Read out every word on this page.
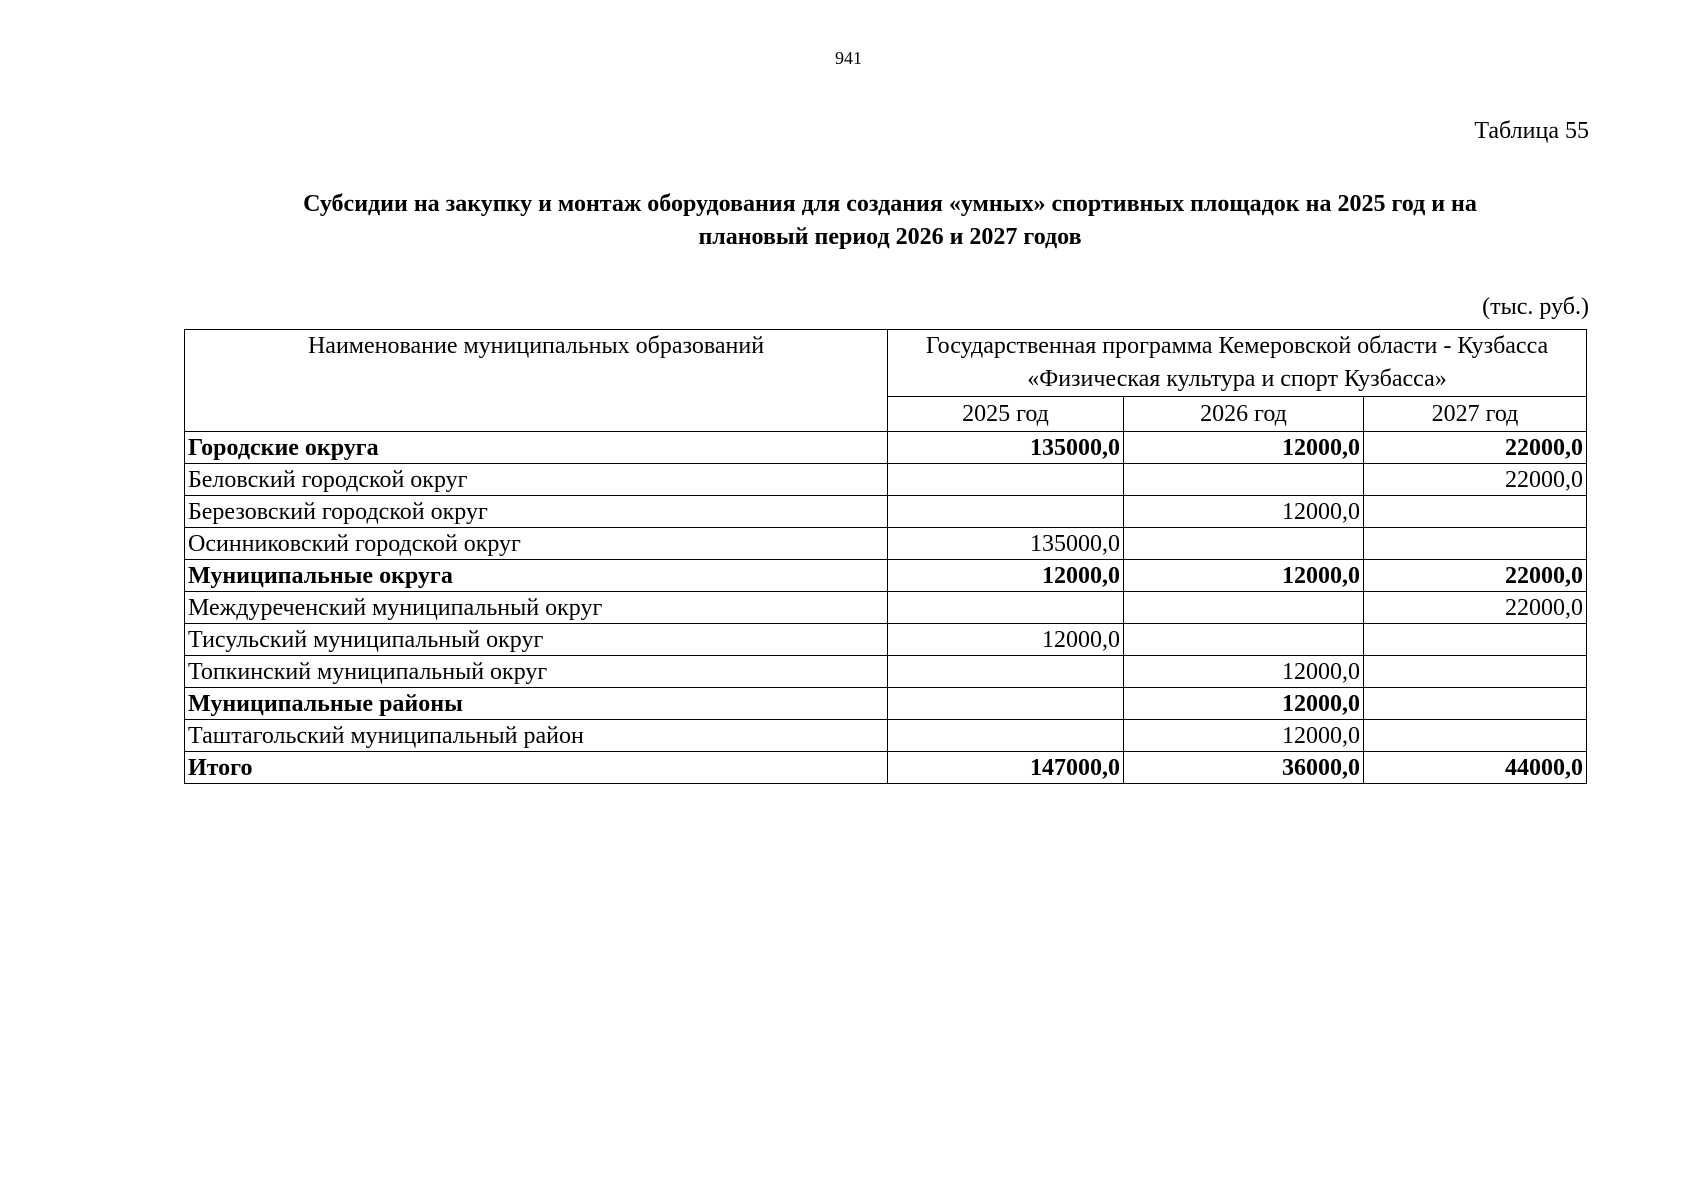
941
Таблица 55
Субсидии на закупку и монтаж оборудования для создания «умных» спортивных площадок на 2025 год и на
плановый период 2026 и 2027 годов
(тыс. руб.)
Наименование муниципальных образований	Государственная программа Кемеровской области - Кузбасса
«Физическая культура и спорт Кузбасса»		

	2025 год	2026 год	2027 год
Городские округа	135000,0	12000,0	22000,0
Беловский городской округ			22000,0
Березовский городской округ		12000,0	
Осинниковский городской округ	135000,0		
Муниципальные округа	12000,0	12000,0	22000,0
Междуреченский муниципальный округ			22000,0
Тисульский муниципальный округ	12000,0		
Топкинский муниципальный округ		12000,0	
Муниципальные районы		12000,0	
Таштагольский муниципальный район		12000,0	
Итого	147000,0	36000,0	44000,0
